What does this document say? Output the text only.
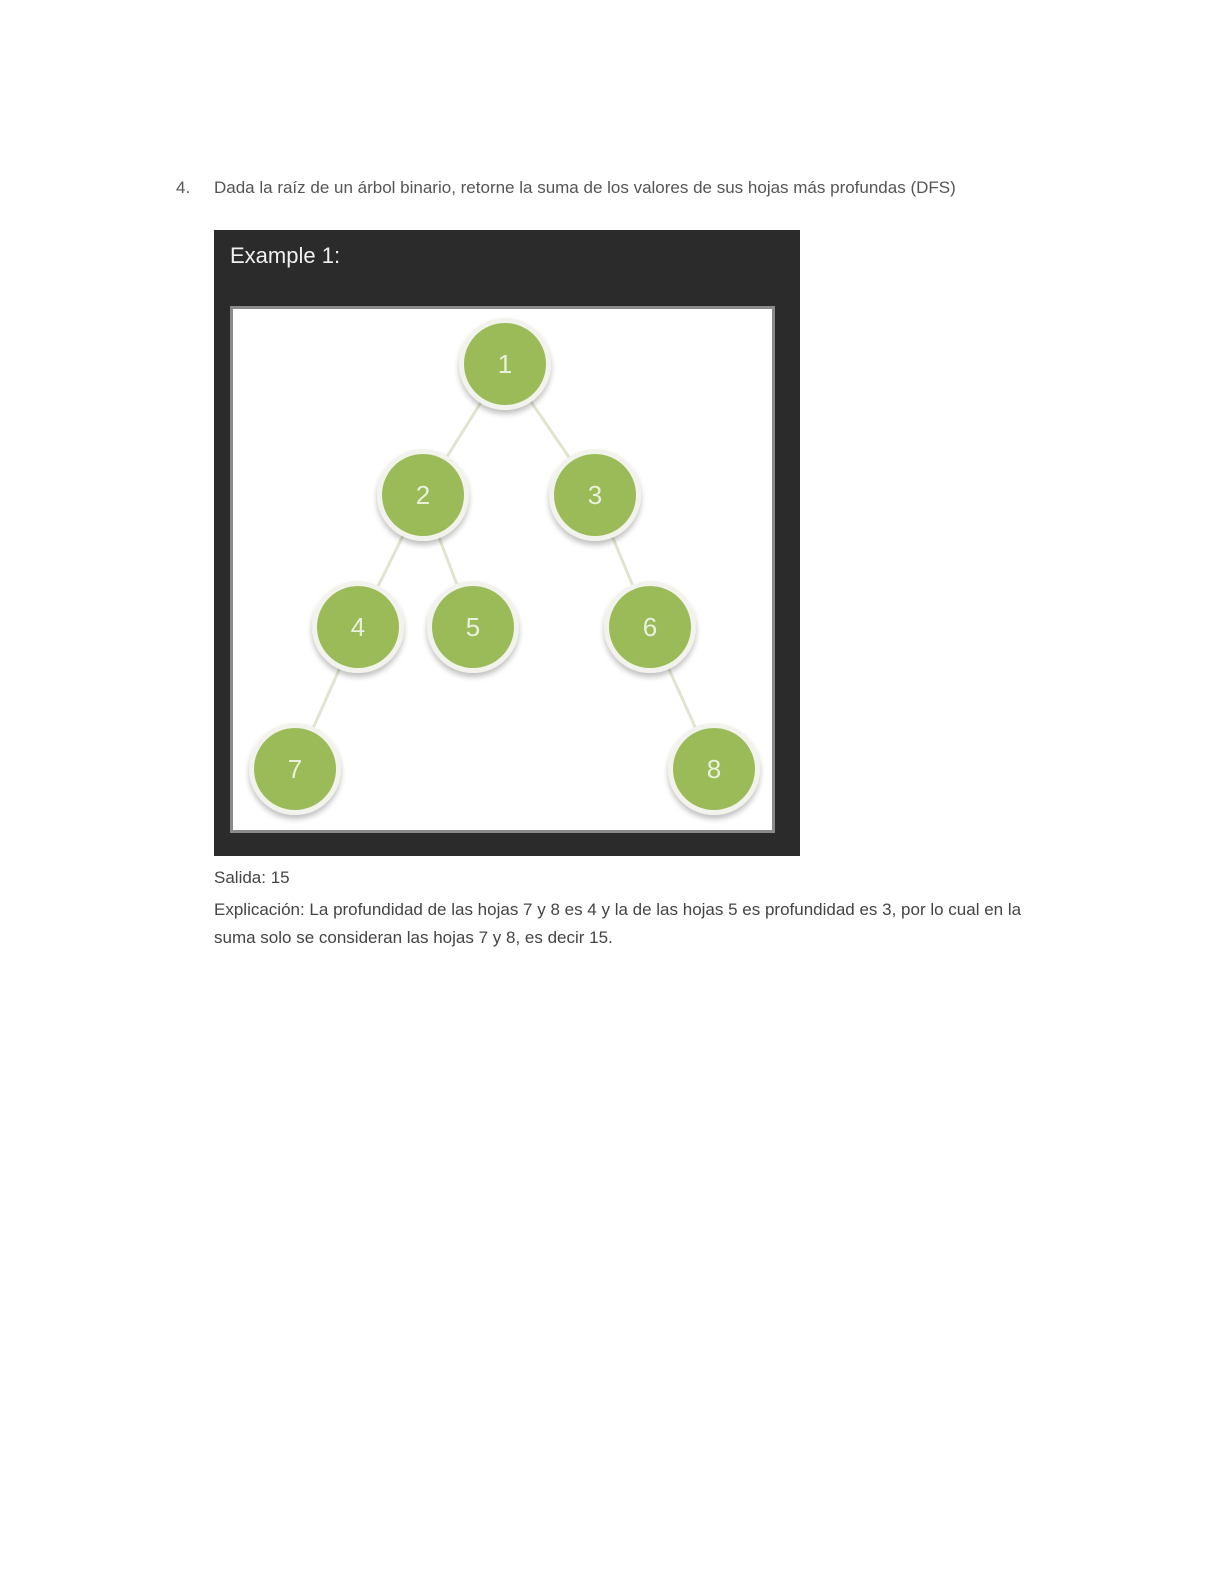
4. Dada la raíz de un árbol binario, retorne la suma de los valores de sus hojas más profundas (DFS)
Example 1:
1
2	3
4	5	6
7	8
Salida: 15
Explicación: La profundidad de las hojas 7 y 8 es 4 y la de las hojas 5 es profundidad es 3, por lo cual en la suma solo se consideran las hojas 7 y 8, es decir 15.
